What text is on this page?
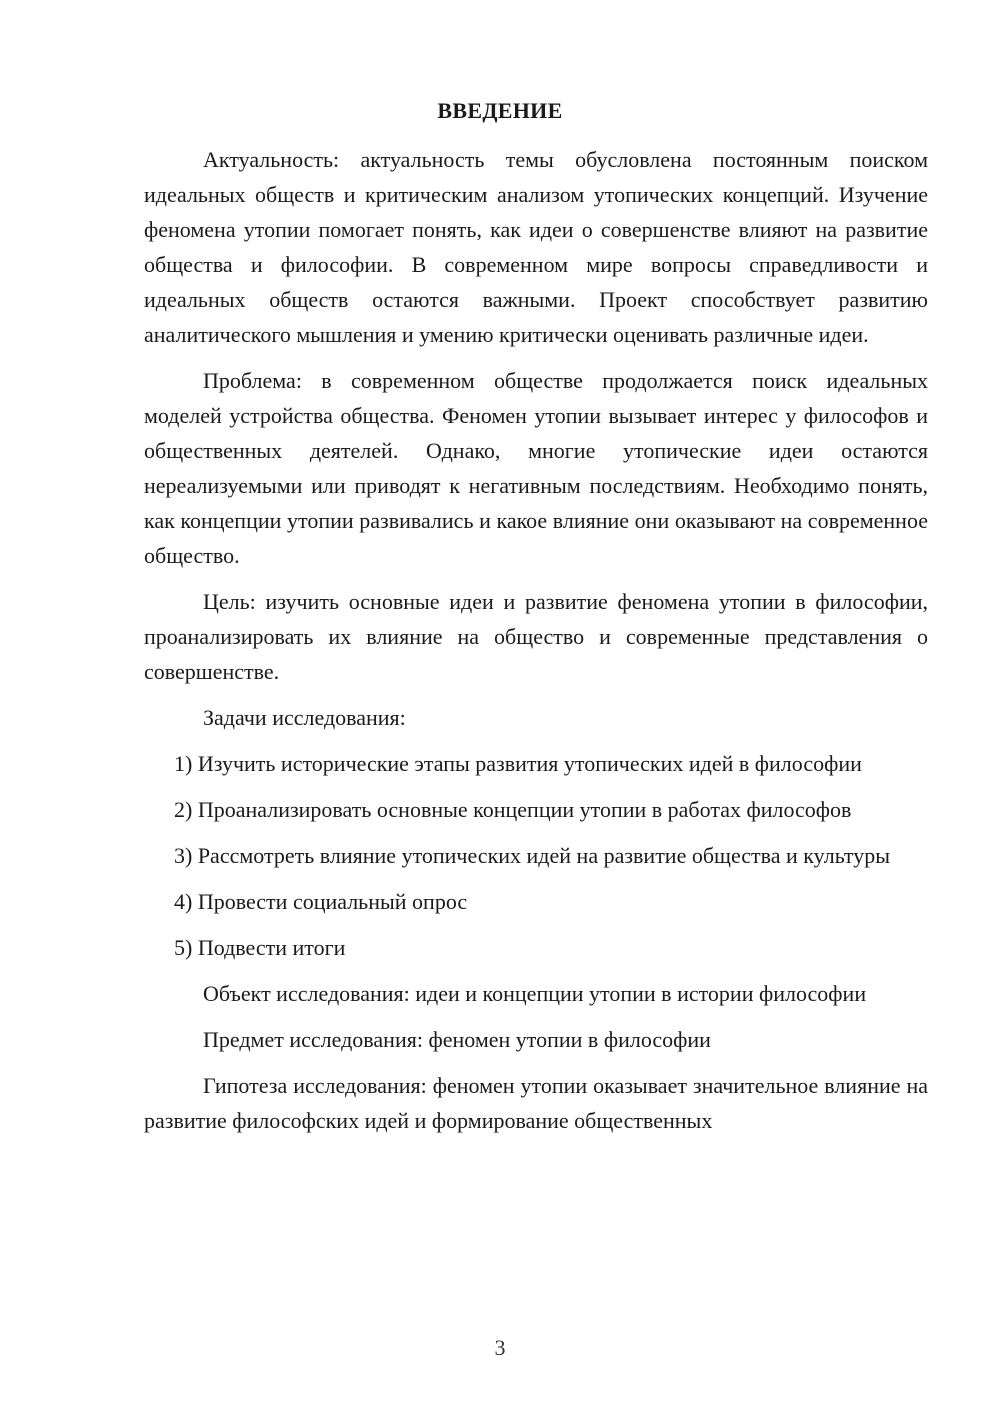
ВВЕДЕНИЕ

Актуальность: актуальность темы обусловлена постоянным поиском идеальных обществ и критическим анализом утопических концепций. Изучение феномена утопии помогает понять, как идеи о совершенстве влияют на развитие общества и философии. В современном мире вопросы справедливости и идеальных обществ остаются важными. Проект способствует развитию аналитического мышления и умению критически оценивать различные идеи.

Проблема: в современном обществе продолжается поиск идеальных моделей устройства общества. Феномен утопии вызывает интерес у философов и общественных деятелей. Однако, многие утопические идеи остаются нереализуемыми или приводят к негативным последствиям. Необходимо понять, как концепции утопии развивались и какое влияние они оказывают на современное общество.

Цель: изучить основные идеи и развитие феномена утопии в философии, проанализировать их влияние на общество и современные представления о совершенстве.

Задачи исследования:

1) Изучить исторические этапы развития утопических идей в философии

2) Проанализировать основные концепции утопии в работах философов

3) Рассмотреть влияние утопических идей на развитие общества и культуры

4) Провести социальный опрос

5) Подвести итоги

Объект исследования: идеи и концепции утопии в истории философии

Предмет исследования: феномен утопии в философии

Гипотеза исследования: феномен утопии оказывает значительное влияние на развитие философских идей и формирование общественных

3
